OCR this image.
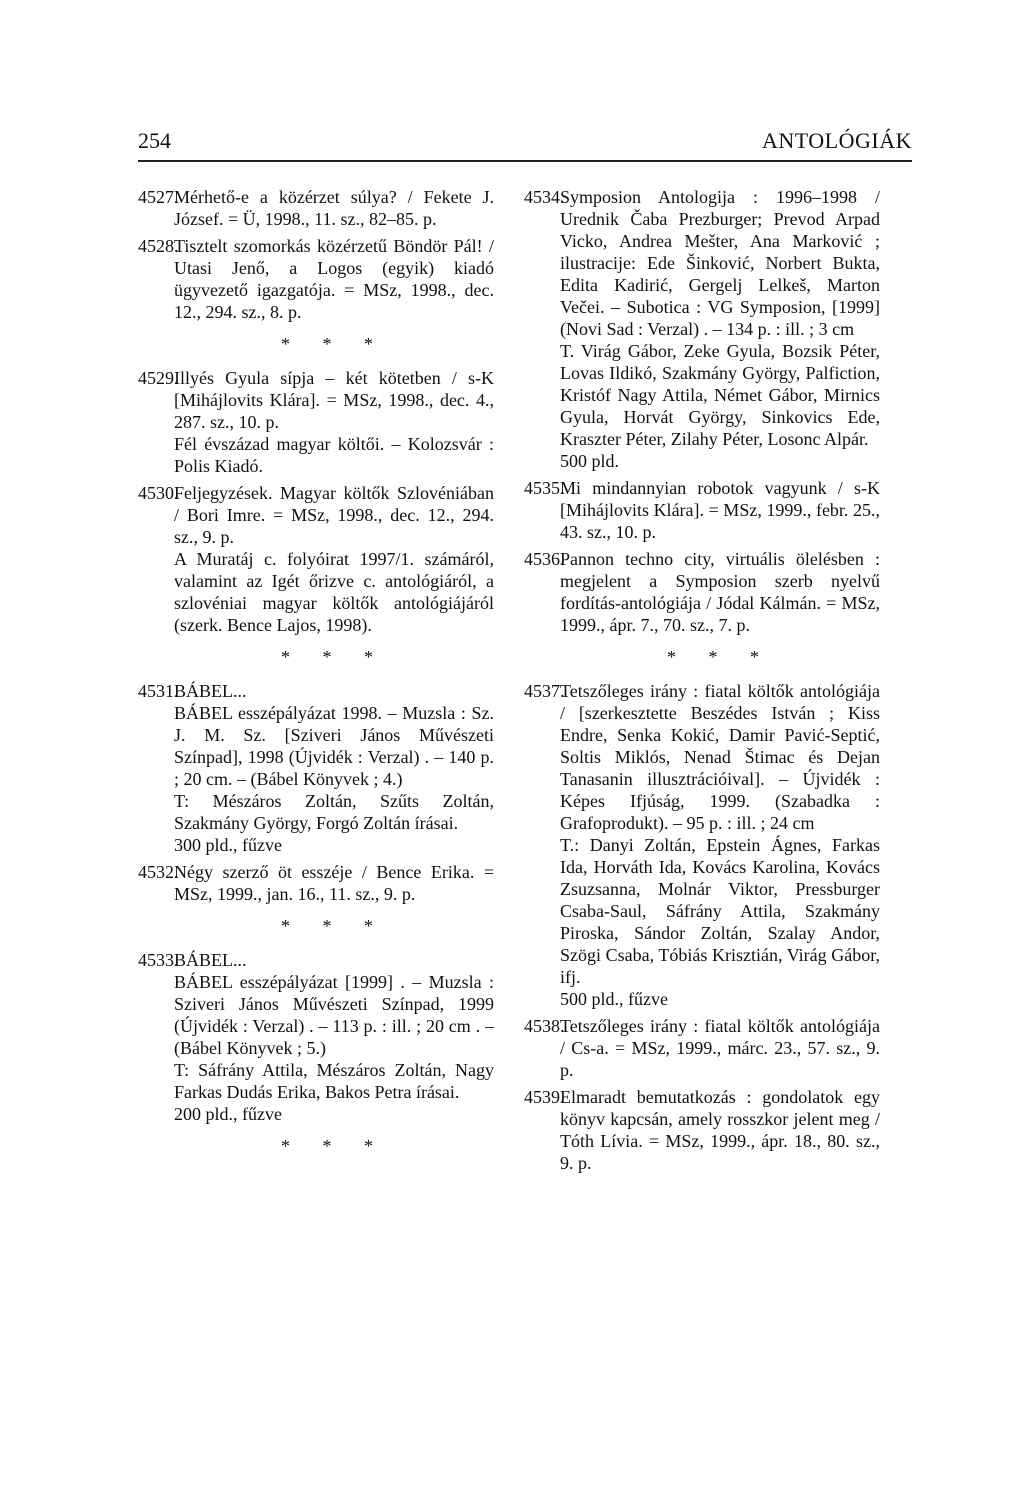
254	ANTOLÓGIÁK
4527.

Mérhető-e a közérzet súlya? / Fekete J. József. = Ü, 1998., 11. sz., 82–85. p.

4528.

Tisztelt szomorkás közérzetű Böndör Pál! / Utasi Jenő, a Logos (egyik) kiadó ügyvezető igazgatója. = MSz, 1998., dec. 12., 294. sz., 8. p.

* * *
4529.

Illyés Gyula sípja – két kötetben / s-K [Mihájlovits Klára]. = MSz, 1998., dec. 4., 287. sz., 10. p.

Fél évszázad magyar költői. – Kolozsvár : Polis Kiadó.

4530.

Feljegyzések. Magyar költők Szlovéniában / Bori Imre. = MSz, 1998., dec. 12., 294. sz., 9. p.

A Muratáj c. folyóirat 1997/1. számáról, valamint az Igét őrizve c. antológiáról, a szlovéniai magyar költők antológiájáról (szerk. Bence Lajos, 1998).

* * *
4531.

BÁBEL...

BÁBEL esszépályázat 1998. – Muzsla : Sz. J. M. Sz. [Sziveri János Művészeti Színpad], 1998 (Újvidék : Verzal) . – 140 p. ; 20 cm. – (Bábel Könyvek ; 4.)

T: Mészáros Zoltán, Szűts Zoltán, Szakmány György, Forgó Zoltán írásai.

300 pld., fűzve

4532.

Négy szerző öt esszéje / Bence Erika. = MSz, 1999., jan. 16., 11. sz., 9. p.

* * *
4533.

BÁBEL...

BÁBEL esszépályázat [1999] . – Muzsla : Sziveri János Művészeti Színpad, 1999 (Újvidék : Verzal) . – 113 p. : ill. ; 20 cm . – (Bábel Könyvek ; 5.)

T: Sáfrány Attila, Mészáros Zoltán, Nagy Farkas Dudás Erika, Bakos Petra írásai.

200 pld., fűzve

* * *
4534.

Symposion Antologija : 1996–1998 / Urednik Čaba Prezburger; Prevod Arpad Vicko, Andrea Mešter, Ana Marković ; ilustracije: Ede Šinković, Norbert Bukta, Edita Kadirić, Gergelj Lelkeš, Marton Večei. – Subotica : VG Symposion, [1999] (Novi Sad : Verzal) . – 134 p. : ill. ; 3 cm

T. Virág Gábor, Zeke Gyula, Bozsik Péter, Lovas Ildikó, Szakmány György, Palfiction, Kristóf Nagy Attila, Német Gábor, Mirnics Gyula, Horvát György, Sinkovics Ede, Kraszter Péter, Zilahy Péter, Losonc Alpár.

500 pld.

4535.

Mi mindannyian robotok vagyunk / s-K [Mihájlovits Klára]. = MSz, 1999., febr. 25., 43. sz., 10. p.

4536.

Pannon techno city, virtuális ölelésben : megjelent a Symposion szerb nyelvű fordítás-antológiája / Jódal Kálmán. = MSz, 1999., ápr. 7., 70. sz., 7. p.

* * *
4537.

Tetszőleges irány : fiatal költők antológiája / [szerkesztette Beszédes István ; Kiss Endre, Senka Kokić, Damir Pavić-Septić, Soltis Miklós, Nenad Štimac és Dejan Tanasanin illusztrációival]. – Újvidék : Képes Ifjúság, 1999. (Szabadka : Grafoprodukt). – 95 p. : ill. ; 24 cm

T.: Danyi Zoltán, Epstein Ágnes, Farkas Ida, Horváth Ida, Kovács Karolina, Kovács Zsuzsanna, Molnár Viktor, Pressburger Csaba-Saul, Sáfrány Attila, Szakmány Piroska, Sándor Zoltán, Szalay Andor, Szögi Csaba, Tóbiás Krisztián, Virág Gábor, ifj.

500 pld., fűzve

4538.

Tetszőleges irány : fiatal költők antológiája / Cs-a. = MSz, 1999., márc. 23., 57. sz., 9. p.

4539.

Elmaradt bemutatkozás : gondolatok egy könyv kapcsán, amely rosszkor jelent meg / Tóth Lívia. = MSz, 1999., ápr. 18., 80. sz., 9. p.
